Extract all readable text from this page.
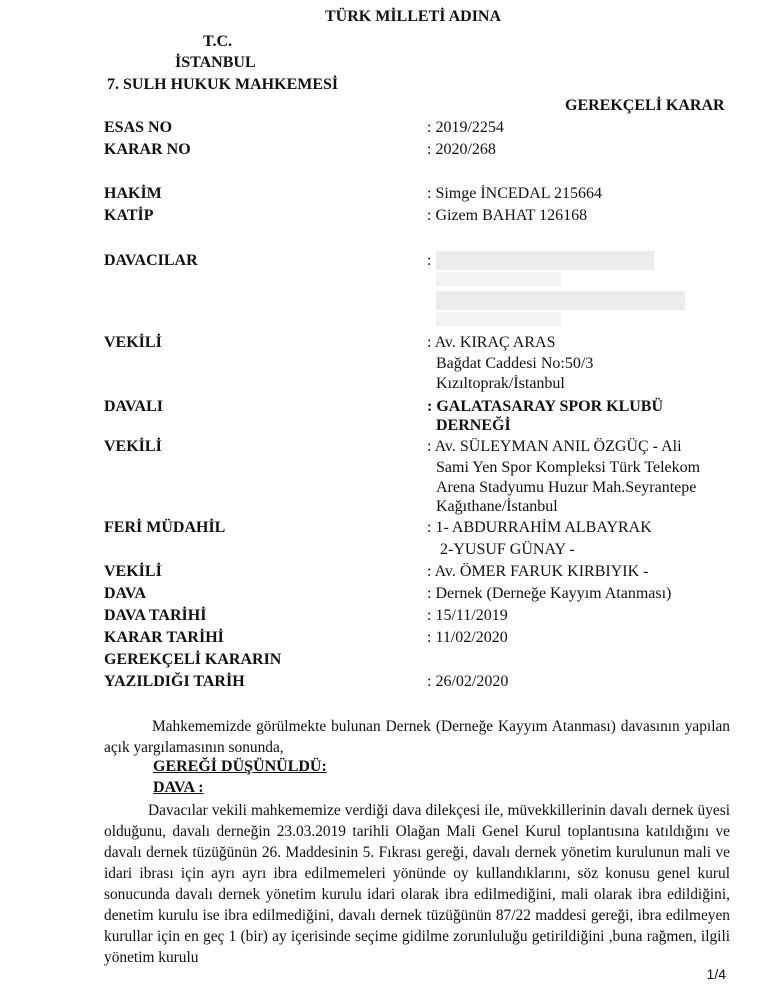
TÜRK MİLLETİ ADINA
T.C.
İSTANBUL
7. SULH HUKUK MAHKEMESİ
GEREKÇELİ KARAR
ESAS NO	: 2019/2254
KARAR NO	: 2020/268
HAKİM	: Simge İNCEDAL 215664
KATİP	: Gizem BAHAT 126168
DAVACILAR	:
VEKİLİ	: Av. KIRAÇ ARAS
Bağdat Caddesi No:50/3
Kızıltoprak/İstanbul
DAVALI	: GALATASARAY SPOR KLUBÜ
DERNEĞİ
VEKİLİ	: Av. SÜLEYMAN ANIL ÖZGÜÇ - Ali
Sami Yen Spor Kompleksi Türk Telekom
Arena Stadyumu Huzur Mah.Seyrantepe
Kağıthane/İstanbul
FERİ MÜDAHİL	: 1- ABDURRAHİM ALBAYRAK
2-YUSUF GÜNAY -
VEKİLİ	: Av. ÖMER FARUK KIRBIYIK -
DAVA	: Dernek (Derneğe Kayyım Atanması)
DAVA TARİHİ	: 15/11/2019
KARAR TARİHİ	: 11/02/2020
GEREKÇELİ KARARIN
YAZILDIĞI TARİH	: 26/02/2020

Mahkememizde görülmekte bulunan Dernek (Derneğe Kayyım Atanması) davasının yapılan açık yargılamasının sonunda,

GEREĞİ DÜŞÜNÜLDÜ:
DAVA :

Davacılar vekili mahkememize verdiği dava dilekçesi ile, müvekkillerinin davalı dernek üyesi olduğunu, davalı derneğin 23.03.2019 tarihli Olağan Mali Genel Kurul toplantısına katıldığını ve davalı dernek tüzüğünün 26. Maddesinin 5. Fıkrası gereği, davalı dernek yönetim kurulunun mali ve idari ibrası için ayrı ayrı ibra edilmemeleri yönünde oy kullandıklarını, söz konusu genel kurul sonucunda davalı dernek yönetim kurulu idari olarak ibra edilmediğini, mali olarak ibra edildiğini, denetim kurulu ise ibra edilmediğini, davalı dernek tüzüğünün 87/22 maddesi gereği, ibra edilmeyen kurullar için en geç 1 (bir) ay içerisinde seçime gidilme zorunluluğu getirildiğini ,buna rağmen, ilgili yönetim kurulu

1/4
